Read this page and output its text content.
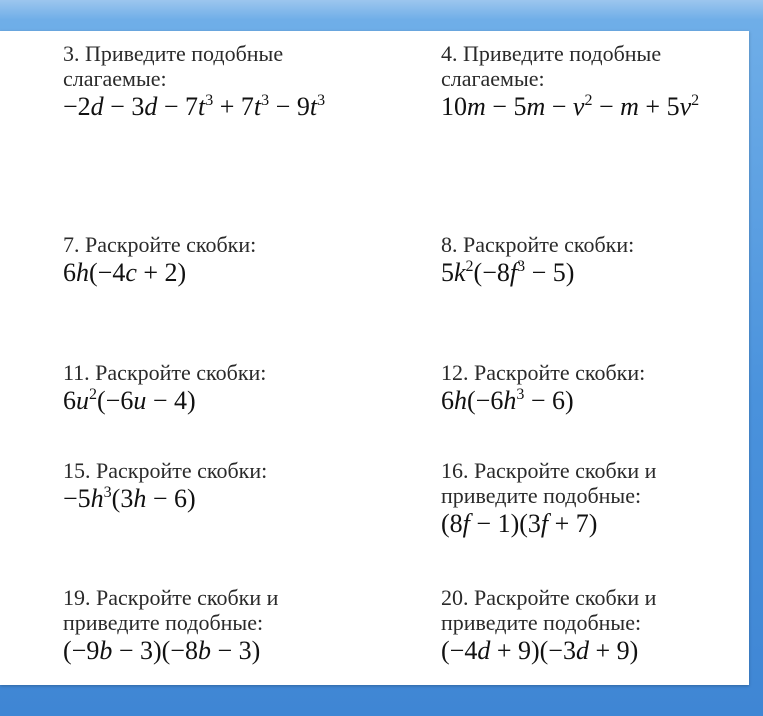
3. Приведите подобные
слагаемые:
$-2d - 3d - 7t^3 + 7t^3 - 9t^3$
4. Приведите подобные
слагаемые:
$10m - 5m - v^2 - m + 5v^2$
7. Раскройте скобки:
6h(−4c + 2)
8. Раскройте скобки:
$5k^2(-8f^3 - 5)$
11. Раскройте скобки:
$6u^2(-6u - 4)$
12. Раскройте скобки:
$6h(-6h^3 - 6)$
15. Раскройте скобки:
$-5h^3(3h - 6)$
16. Раскройте скобки и
приведите подобные:
(8f − 1)(3f + 7)
19. Раскройте скобки и
приведите подобные:
(−9b − 3)(−8b − 3)
20. Раскройте скобки и
приведите подобные:
(−4d + 9)(−3d + 9)
